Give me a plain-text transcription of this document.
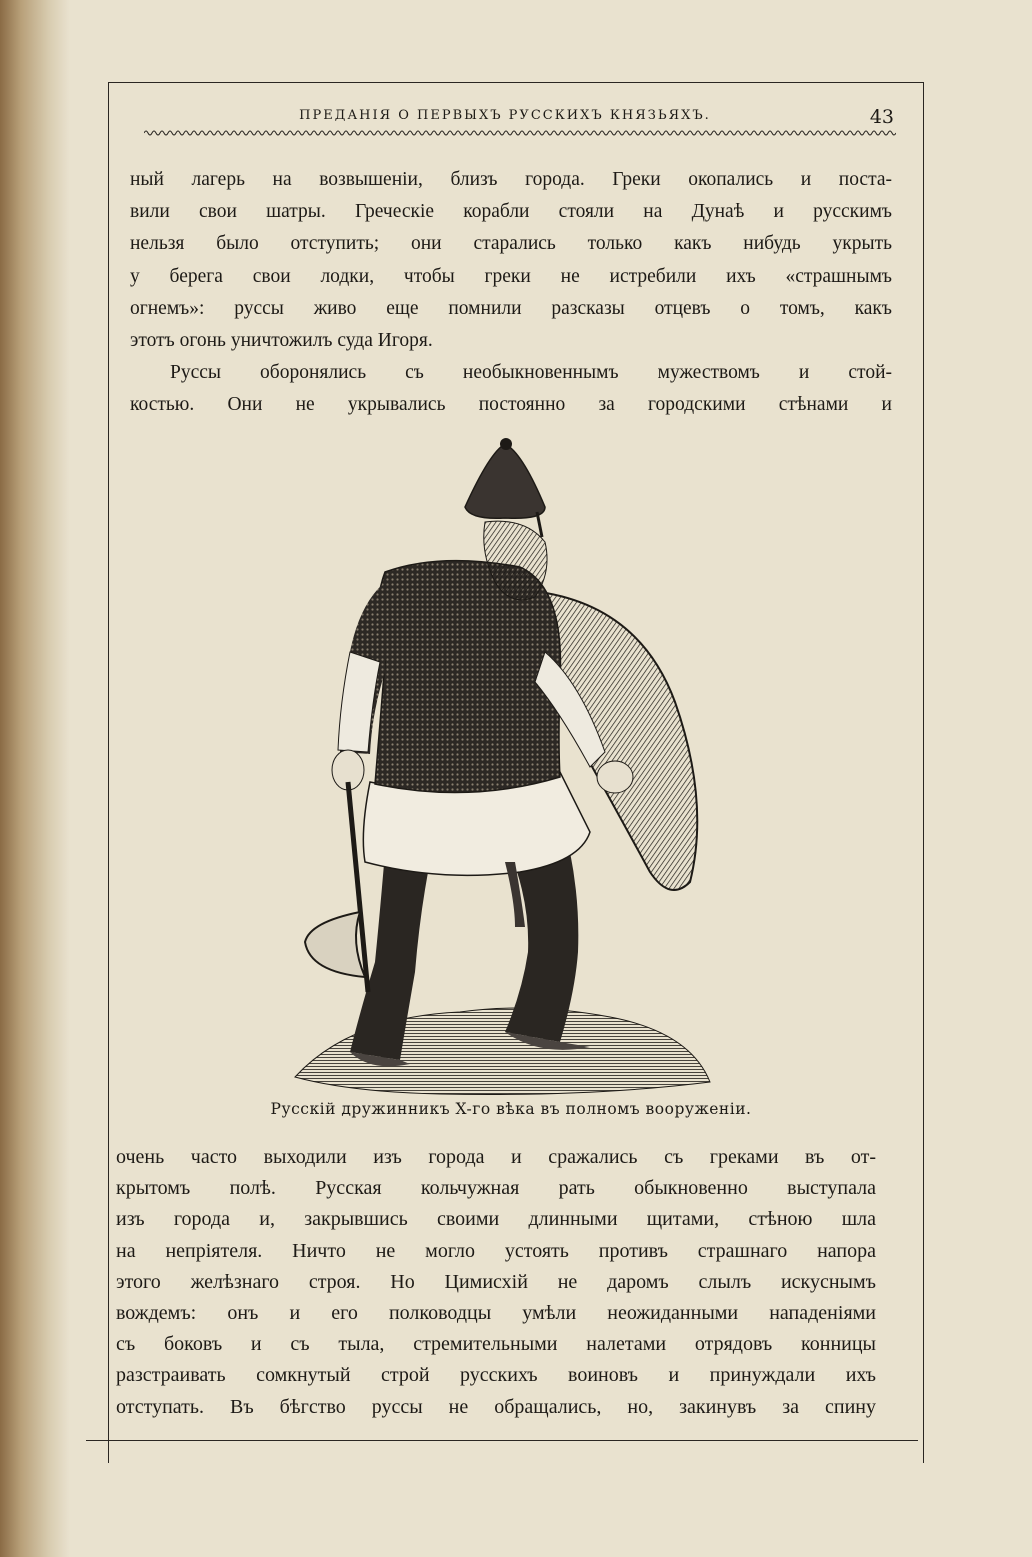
ПРЕДАНІЯ О ПЕРВЫХЪ РУССКИХЪ КНЯЗЬЯХЪ.	43
ный лагерь на возвышеніи, близъ города. Греки окопались и поста-
вили свои шатры. Греческіе корабли стояли на Дунаѣ и русскимъ
нельзя было отступить; они старались только какъ нибудь укрыть
у берега свои лодки, чтобы греки не истребили ихъ «страшнымъ
огнемъ»: руссы живо еще помнили разсказы отцевъ о томъ, какъ
этотъ огонь уничтожилъ суда Игоря.
Руссы оборонялись съ необыкновеннымъ мужествомъ и стой-
костью. Они не укрывались постоянно за городскими стѣнами и
Русскій дружинникъ X-го вѣка въ полномъ вооруженіи.
очень часто выходили изъ города и сражались съ греками въ от-
крытомъ полѣ. Русская кольчужная рать обыкновенно выступала
изъ города и, закрывшись своими длинными щитами, стѣною шла
на непріятеля. Ничто не могло устоять противъ страшнаго напора
этого желѣзнаго строя. Но Цимисхій не даромъ слылъ искуснымъ
вождемъ: онъ и его полководцы умѣли неожиданными нападеніями
съ боковъ и съ тыла, стремительными налетами отрядовъ конницы
разстраивать сомкнутый строй русскихъ воиновъ и принуждали ихъ
отступать. Въ бѣгство руссы не обращались, но, закинувъ за спину
